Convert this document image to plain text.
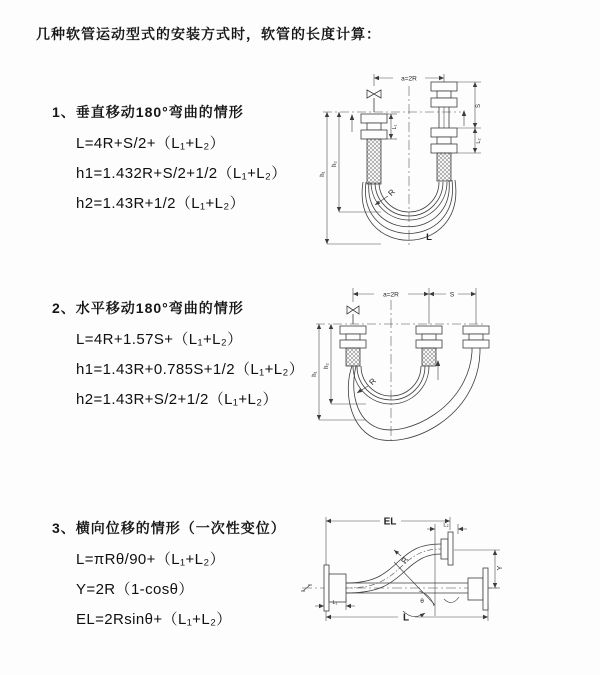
几种软管运动型式的安装方式时，软管的长度计算：
1、垂直移动180°弯曲的情形
L=4R+S/2+（L₁+L₂）
h1=1.432R+S/2+1/2（L₁+L₂）
h2=1.43R+1/2（L₁+L₂）
2、水平移动180°弯曲的情形
L=4R+1.57S+（L₁+L₂）
h1=1.43R+0.785S+1/2（L₁+L₂）
h2=1.43R+S/2+1/2（L₁+L₂）
3、横向位移的情形（一次性变位）
L=πRθ/90+（L₁+L₂）
Y=2R（1-cosθ）
EL=2Rsinθ+（L₁+L₂）
a=2R
h₁
h₂
L₁
S
L₂
R
L
a=2R	S
h₁
h₂
R
EL	L₂
Y
L
L₁
R
θ
